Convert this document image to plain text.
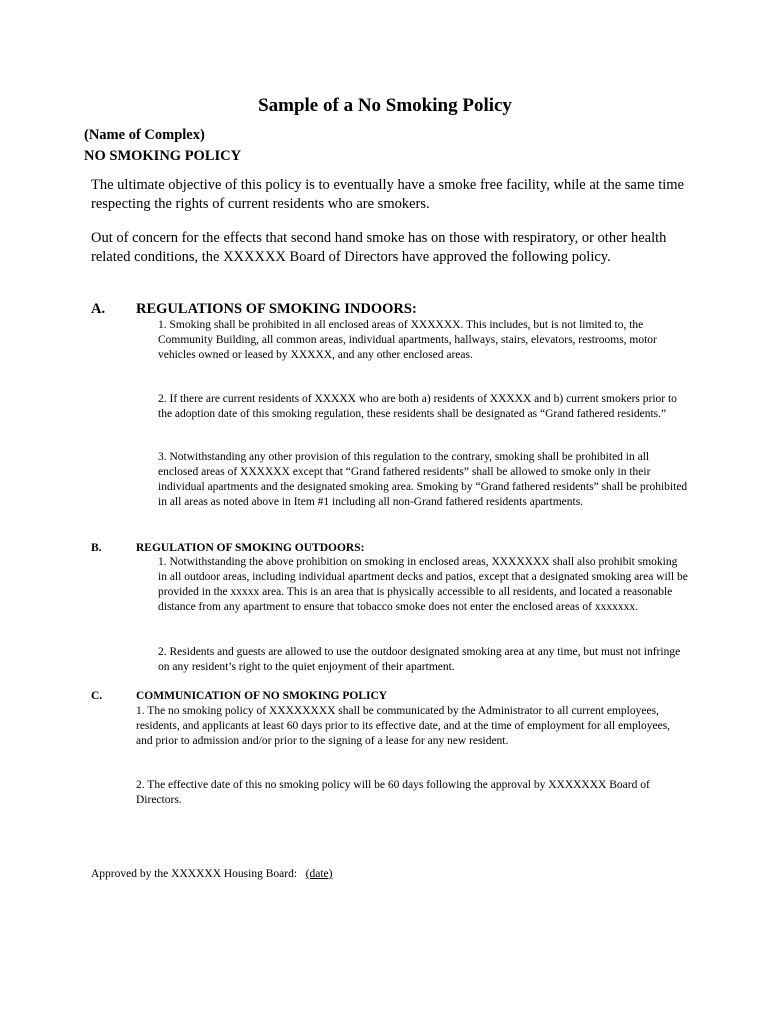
Sample of a No Smoking Policy
(Name of Complex)
NO SMOKING POLICY
The ultimate objective of this policy is to eventually have a smoke free facility, while at the same time respecting the rights of current residents who are smokers.
Out of concern for the effects that second hand smoke has on those with respiratory, or other health related conditions, the XXXXXX Board of Directors have approved the following policy.
A. REGULATIONS OF SMOKING INDOORS:
1. Smoking shall be prohibited in all enclosed areas of XXXXXX. This includes, but is not limited to, the Community Building, all common areas, individual apartments, hallways, stairs, elevators, restrooms, motor vehicles owned or leased by XXXXX, and any other enclosed areas.
2. If there are current residents of XXXXX who are both a) residents of XXXXX and b) current smokers prior to the adoption date of this smoking regulation, these residents shall be designated as “Grand fathered residents.”
3. Notwithstanding any other provision of this regulation to the contrary, smoking shall be prohibited in all enclosed areas of XXXXXX except that “Grand fathered residents” shall be allowed to smoke only in their individual apartments and the designated smoking area. Smoking by “Grand fathered residents” shall be prohibited in all areas as noted above in Item #1 including all non-Grand fathered residents apartments.
B.	REGULATION OF SMOKING OUTDOORS:
1. Notwithstanding the above prohibition on smoking in enclosed areas, XXXXXXX shall also prohibit smoking in all outdoor areas, including individual apartment decks and patios, except that a designated smoking area will be provided in the xxxxx area. This is an area that is physically accessible to all residents, and located a reasonable distance from any apartment to ensure that tobacco smoke does not enter the enclosed areas of xxxxxxx.
2. Residents and guests are allowed to use the outdoor designated smoking area at any time, but must not infringe on any resident’s right to the quiet enjoyment of their apartment.
C.	COMMUNICATION OF NO SMOKING POLICY
1. The no smoking policy of XXXXXXXX shall be communicated by the Administrator to all current employees, residents, and applicants at least 60 days prior to its effective date, and at the time of employment for all employees, and prior to admission and/or prior to the signing of a lease for any new resident.
2. The effective date of this no smoking policy will be 60 days following the approval by XXXXXXX Board of Directors.
Approved by the XXXXXX Housing Board: (date)
